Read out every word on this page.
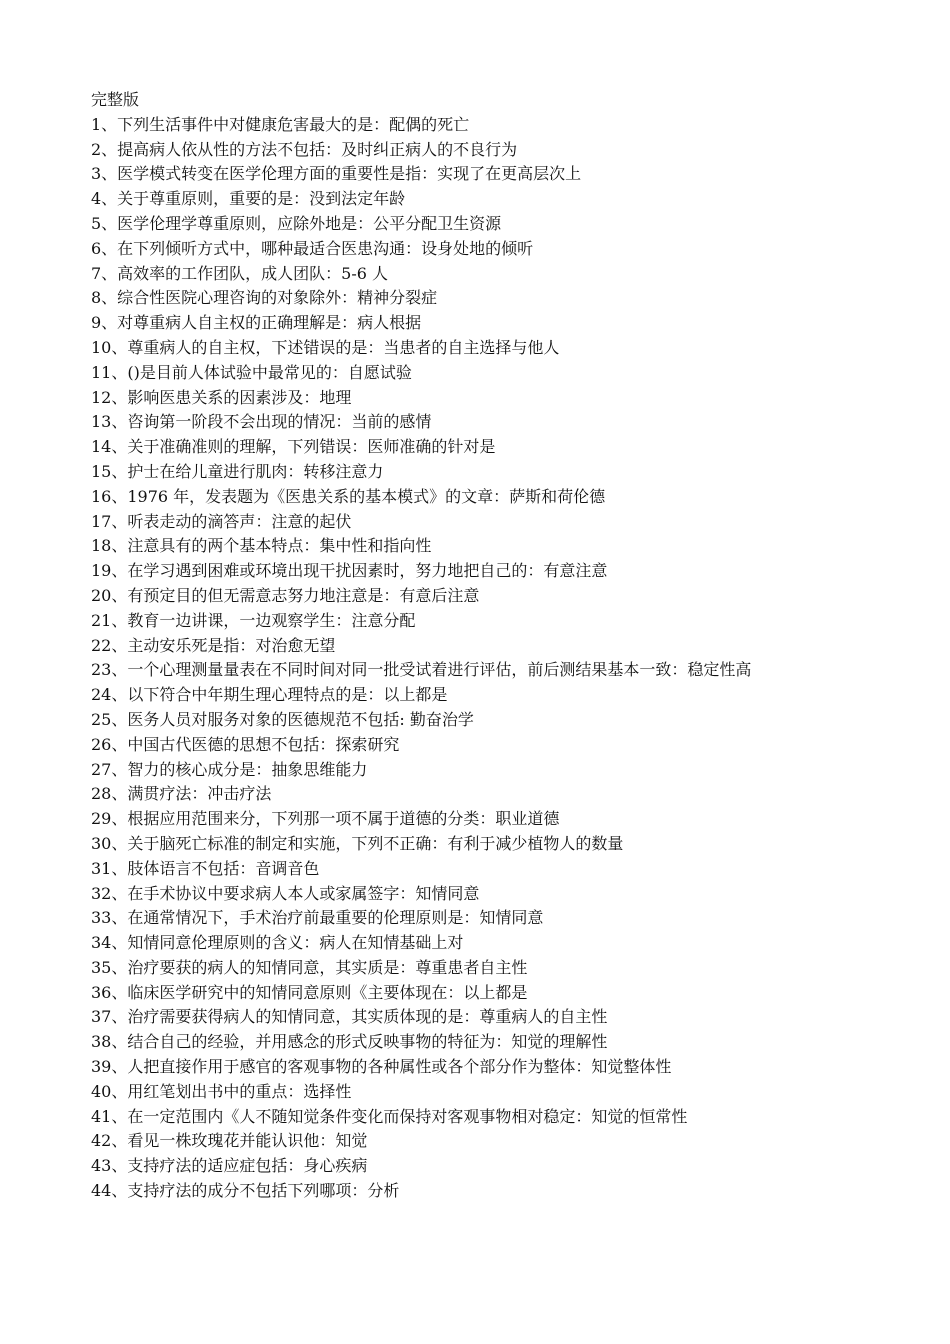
完整版
1、下列生活事件中对健康危害最大的是：配偶的死亡
2、提高病人依从性的方法不包括：及时纠正病人的不良行为
3、医学模式转变在医学伦理方面的重要性是指：实现了在更高层次上
4、关于尊重原则，重要的是：没到法定年龄
5、医学伦理学尊重原则，应除外地是：公平分配卫生资源
6、在下列倾听方式中，哪种最适合医患沟通：设身处地的倾听
7、高效率的工作团队，成人团队：5-6 人
8、综合性医院心理咨询的对象除外：精神分裂症
9、对尊重病人自主权的正确理解是：病人根据
10、尊重病人的自主权，下述错误的是：当患者的自主选择与他人
11、()是目前人体试验中最常见的：自愿试验
12、影响医患关系的因素涉及：地理
13、咨询第一阶段不会出现的情况：当前的感情
14、关于准确准则的理解，下列错误：医师准确的针对是
15、护士在给儿童进行肌肉：转移注意力
16、1976 年，发表题为《医患关系的基本模式》的文章：萨斯和荷伦德
17、听表走动的滴答声：注意的起伏
18、注意具有的两个基本特点：集中性和指向性
19、在学习遇到困难或环境出现干扰因素时，努力地把自己的：有意注意
20、有预定目的但无需意志努力地注意是：有意后注意
21、教育一边讲课，一边观察学生：注意分配
22、主动安乐死是指：对治愈无望
23、一个心理测量量表在不同时间对同一批受试着进行评估，前后测结果基本一致：稳定性高
24、以下符合中年期生理心理特点的是：以上都是
25、医务人员对服务对象的医德规范不包括: 勤奋治学
26、中国古代医德的思想不包括：探索研究
27、智力的核心成分是：抽象思维能力
28、满贯疗法：冲击疗法
29、根据应用范围来分，下列那一项不属于道德的分类：职业道德
30、关于脑死亡标准的制定和实施，下列不正确：有利于减少植物人的数量
31、肢体语言不包括：音调音色
32、在手术协议中要求病人本人或家属签字：知情同意
33、在通常情况下，手术治疗前最重要的伦理原则是：知情同意
34、知情同意伦理原则的含义：病人在知情基础上对
35、治疗要获的病人的知情同意，其实质是：尊重患者自主性
36、临床医学研究中的知情同意原则《主要体现在：以上都是
37、治疗需要获得病人的知情同意，其实质体现的是：尊重病人的自主性
38、结合自己的经验，并用感念的形式反映事物的特征为：知觉的理解性
39、人把直接作用于感官的客观事物的各种属性或各个部分作为整体：知觉整体性
40、用红笔划出书中的重点：选择性
41、在一定范围内《人不随知觉条件变化而保持对客观事物相对稳定：知觉的恒常性
42、看见一株玫瑰花并能认识他：知觉
43、支持疗法的适应症包括：身心疾病
44、支持疗法的成分不包括下列哪项：分析
